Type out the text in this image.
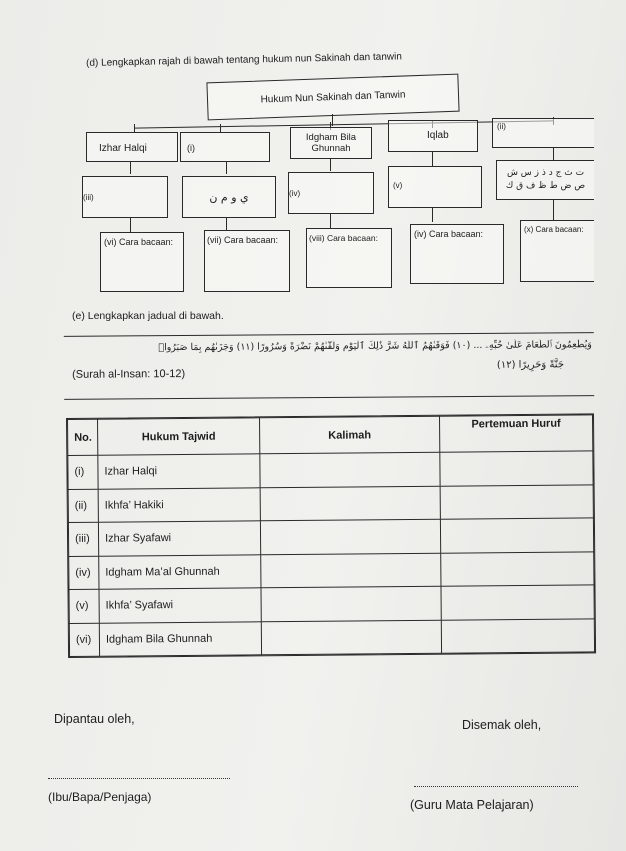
(d) Lengkapkan rajah di bawah tentang hukum nun Sakinah dan tanwin
Hukum Nun Sakinah dan Tanwin
Izhar Halqi	(i)
Idgham Bila Ghunnah
Iqlab
(ii)
(iii)	ي و م ن	(iv)
(v)
ت ث ج د ذ ز س ش ص ض ط ظ ف ق ك
(vi) Cara bacaan:	(vii) Cara bacaan:	(viii) Cara bacaan:	(iv) Cara bacaan:	(x) Cara bacaan:
(e) Lengkapkan jadual di bawah.
وَيُطْعِمُونَ ٱلطَّعَامَ عَلَىٰ حُبِّهِۦ ... (١٠) فَوَقَىٰهُمُ ٱللَّهُ شَرَّ ذَٰلِكَ ٱلْيَوْمِ وَلَقَّىٰهُمْ نَضْرَةً وَسُرُورًا (١١) وَجَزَىٰهُم بِمَا صَبَرُوا۟
جَنَّةً وَحَرِيرًا (١٢)
(Surah al-Insan: 10-12)
No.	Hukum Tajwid	Kalimah	Pertemuan Huruf
(i)	Izhar Halqi		
(ii)	Ikhfa’ Hakiki		
(iii)	Izhar Syafawi		
(iv)	Idgham Ma’al Ghunnah		
(v)	Ikhfa’ Syafawi		
(vi)	Idgham Bila Ghunnah		
Dipantau oleh,	Disemak oleh,
(Ibu/Bapa/Penjaga)
(Guru Mata Pelajaran)
